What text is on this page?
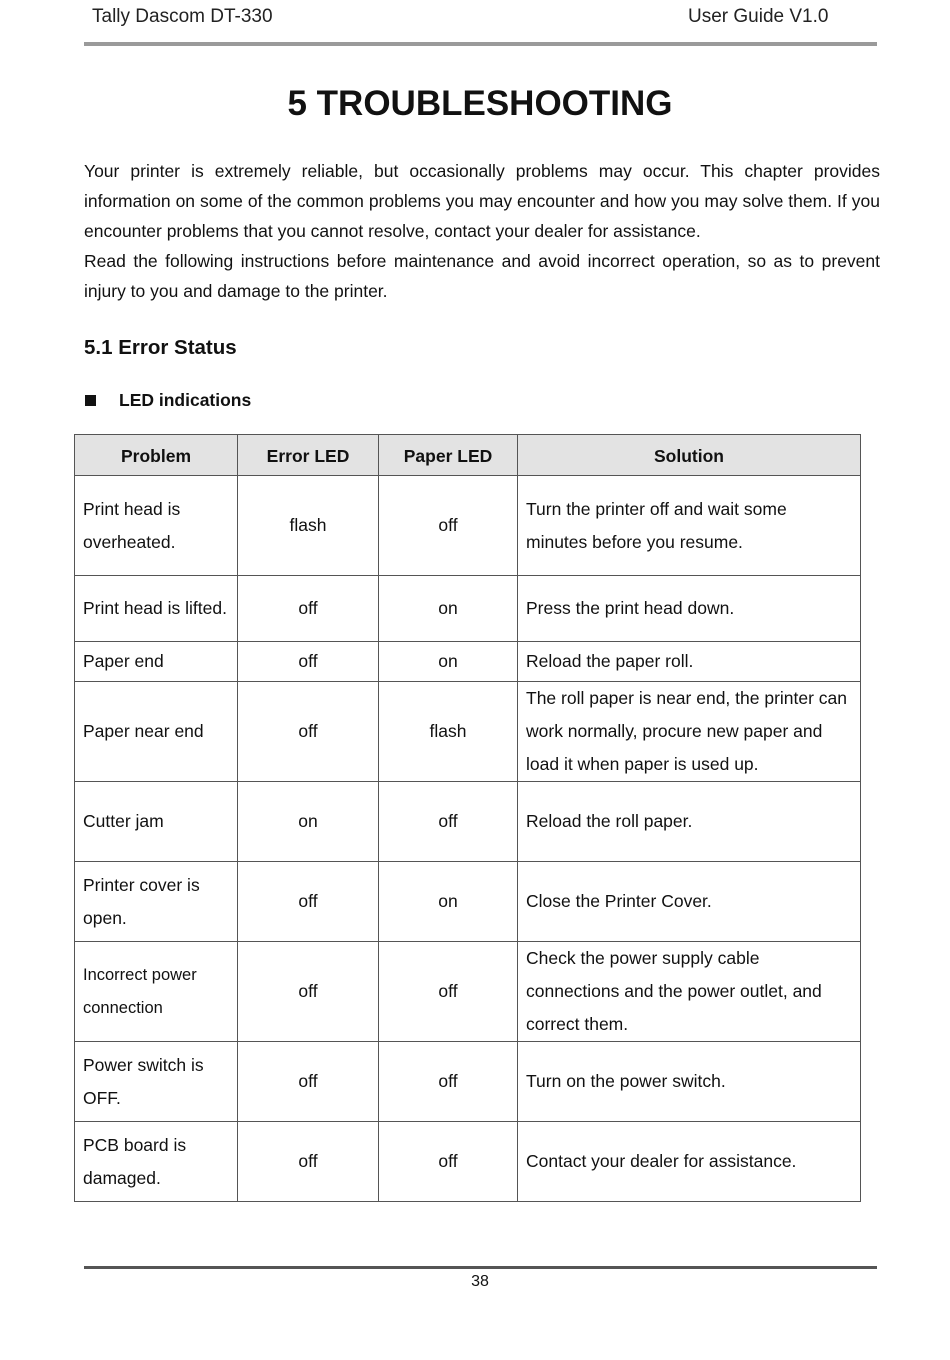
Tally Dascom DT-330	User Guide V1.0
5 TROUBLESHOOTING

Your printer is extremely reliable, but occasionally problems may occur. This chapter provides information on some of the common problems you may encounter and how you may solve them. If you encounter problems that you cannot resolve, contact your dealer for assistance.

Read the following instructions before maintenance and avoid incorrect operation, so as to prevent injury to you and damage to the printer.

5.1 Error Status
LED indications
Problem	Error LED	Paper LED	Solution
Print head is overheated.	flash	off	Turn the printer off and wait some minutes before you resume.
Print head is lifted.	off	on	Press the print head down.
Paper end	off	on	Reload the paper roll.
Paper near end	off	flash	The roll paper is near end, the printer can work normally, procure new paper and load it when paper is used up.
Cutter jam	on	off	Reload the roll paper.
Printer cover is open.	off	on	Close the Printer Cover.
Incorrect power connection	off	off	Check the power supply cable connections and the power outlet, and correct them.
Power switch is OFF.	off	off	Turn on the power switch.
PCB board is damaged.	off	off	Contact your dealer for assistance.
38
